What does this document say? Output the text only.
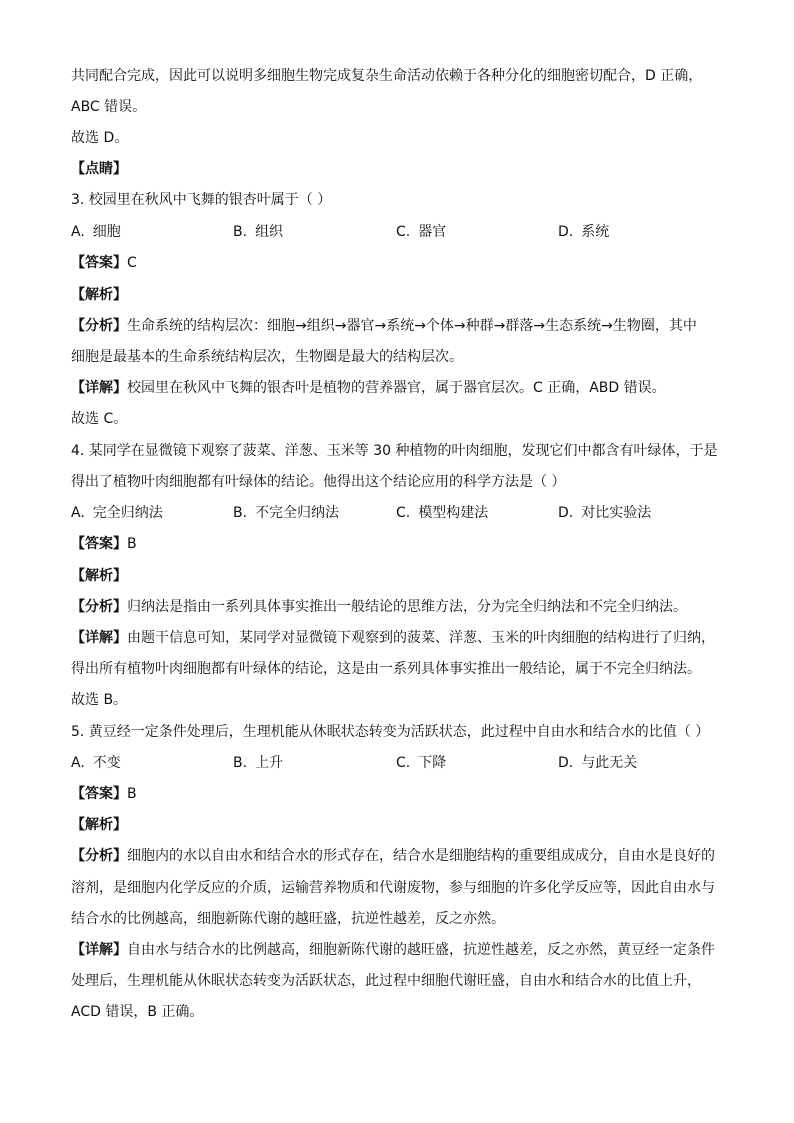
共同配合完成，因此可以说明多细胞生物完成复杂生命活动依赖于各种分化的细胞密切配合，D 正确，
ABC 错误。
故选 D。
【点睛】
3. 校园里在秋风中飞舞的银杏叶属于（ ）
A. 细胞	B. 组织	C. 器官	D. 系统
【答案】C
【解析】
【分析】生命系统的结构层次：细胞→组织→器官→系统→个体→种群→群落→生态系统→生物圈，其中
细胞是最基本的生命系统结构层次，生物圈是最大的结构层次。
【详解】校园里在秋风中飞舞的银杏叶是植物的营养器官，属于器官层次。C 正确，ABD 错误。
故选 C。
4. 某同学在显微镜下观察了菠菜、洋葱、玉米等 30 种植物的叶肉细胞，发现它们中都含有叶绿体，于是
得出了植物叶肉细胞都有叶绿体的结论。他得出这个结论应用的科学方法是（ ）
A. 完全归纳法	B. 不完全归纳法	C. 模型构建法	D. 对比实验法
【答案】B
【解析】
【分析】归纳法是指由一系列具体事实推出一般结论的思维方法，分为完全归纳法和不完全归纳法。
【详解】由题干信息可知，某同学对显微镜下观察到的菠菜、洋葱、玉米的叶肉细胞的结构进行了归纳，
得出所有植物叶肉细胞都有叶绿体的结论，这是由一系列具体事实推出一般结论，属于不完全归纳法。
故选 B。
5. 黄豆经一定条件处理后，生理机能从休眠状态转变为活跃状态，此过程中自由水和结合水的比值（ ）
A. 不变	B. 上升	C. 下降	D. 与此无关
【答案】B
【解析】
【分析】细胞内的水以自由水和结合水的形式存在，结合水是细胞结构的重要组成成分，自由水是良好的
溶剂，是细胞内化学反应的介质，运输营养物质和代谢废物，参与细胞的许多化学反应等，因此自由水与
结合水的比例越高，细胞新陈代谢的越旺盛，抗逆性越差，反之亦然。
【详解】自由水与结合水的比例越高，细胞新陈代谢的越旺盛，抗逆性越差，反之亦然，黄豆经一定条件
处理后，生理机能从休眠状态转变为活跃状态，此过程中细胞代谢旺盛，自由水和结合水的比值上升，
ACD 错误，B 正确。
